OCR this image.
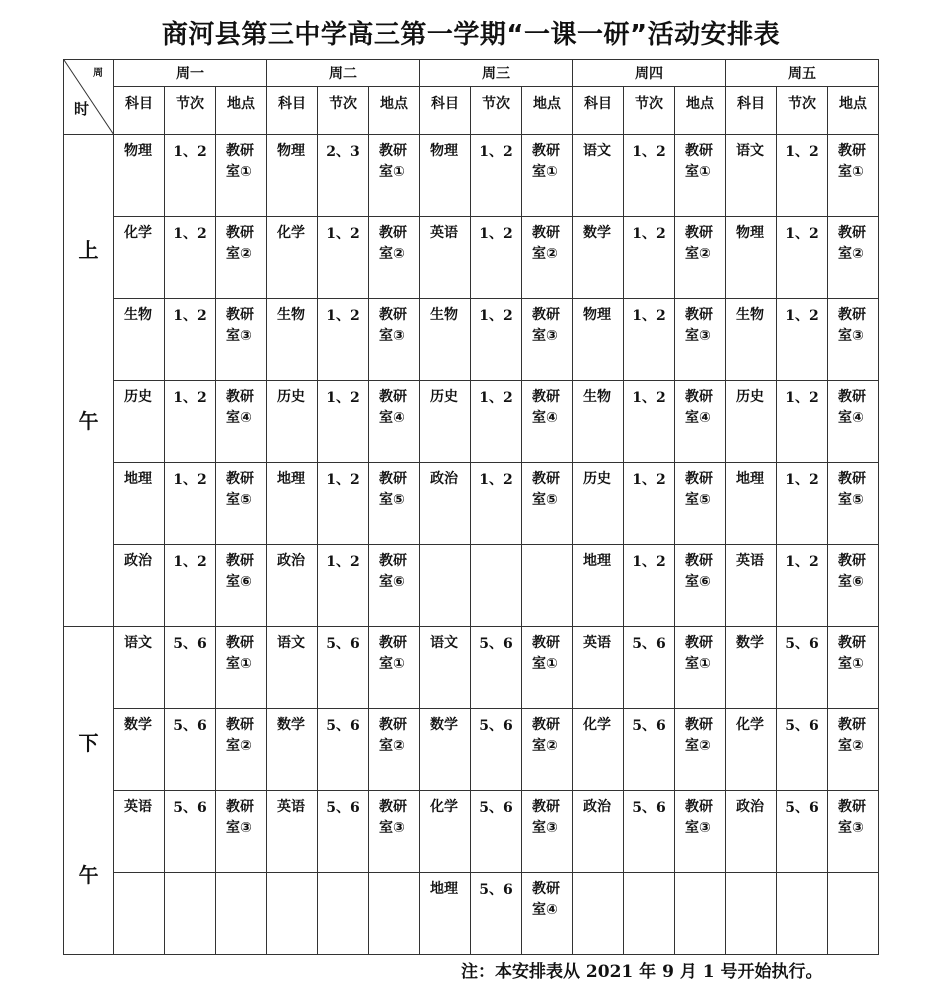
商河县第三中学高三第一学期“一课一研”活动安排表
周
时	周一			周二			周三			周四			周五		
	科目	节次	地点	科目	节次	地点	科目	节次	地点	科目	节次	地点	科目	节次	地点

上
午	物理	1、2	教研室①	物理	2、3	教研室①	物理	1、2	教研室①	语文	1、2	教研室①	语文	1、2	教研室①
	化学	1、2	教研室②	化学	1、2	教研室②	英语	1、2	教研室②	数学	1、2	教研室②	物理	1、2	教研室②
	生物	1、2	教研室③	生物	1、2	教研室③	生物	1、2	教研室③	物理	1、2	教研室③	生物	1、2	教研室③
	历史	1、2	教研室④	历史	1、2	教研室④	历史	1、2	教研室④	生物	1、2	教研室④	历史	1、2	教研室④
	地理	1、2	教研室⑤	地理	1、2	教研室⑤	政治	1、2	教研室⑤	历史	1、2	教研室⑤	地理	1、2	教研室⑤
	政治	1、2	教研室⑥	政治	1、2	教研室⑥				地理	1、2	教研室⑥	英语	1、2	教研室⑥

下
午	语文	5、6	教研室①	语文	5、6	教研室①	语文	5、6	教研室①	英语	5、6	教研室①	数学	5、6	教研室①
	数学	5、6	教研室②	数学	5、6	教研室②	数学	5、6	教研室②	化学	5、6	教研室②	化学	5、6	教研室②
	英语	5、6	教研室③	英语	5、6	教研室③	化学	5、6	教研室③	政治	5、6	教研室③	政治	5、6	教研室③
							地理	5、6	教研室④						
注：本安排表从 2021 年 9 月 1 号开始执行。
